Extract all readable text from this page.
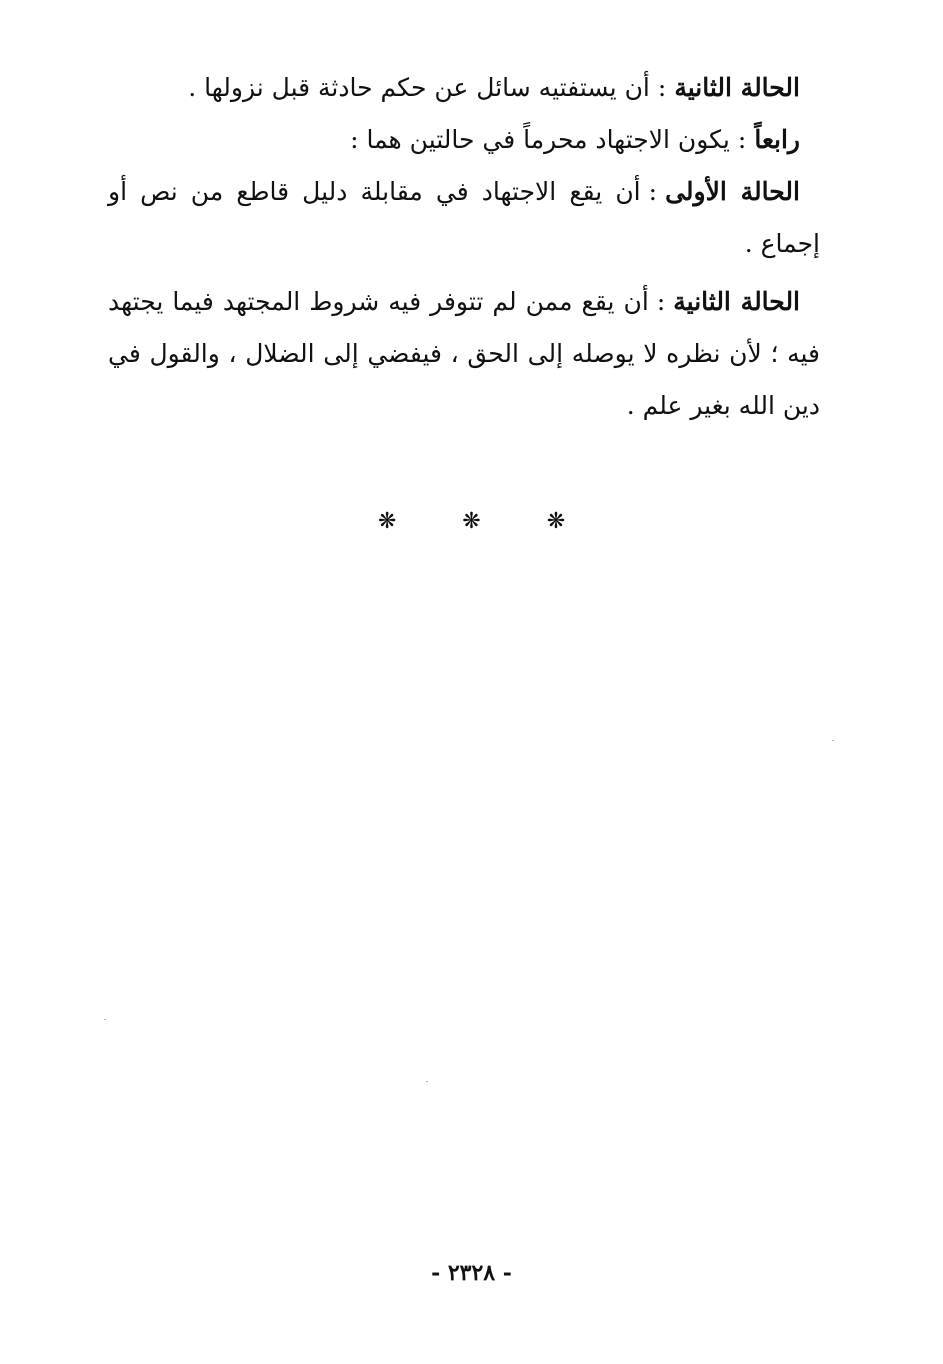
الحالة الثانية:أن يستفتيه سائل عن حكم حادثة قبل نزولها .

رابعاً:يكون الاجتهاد محرماً في حالتين هما :

الحالة الأولى:أن يقع الاجتهاد في مقابلة دليل قاطع من نص أو إجماع .

الحالة الثانية:أن يقع ممن لم تتوفر فيه شروط المجتهد فيما يجتهد فيه ؛ لأن نظره لا يوصله إلى الحق ، فيفضي إلى الضلال ، والقول في دين الله بغير علم .

❋	❋	❋
- ٢٣٢٨ -
